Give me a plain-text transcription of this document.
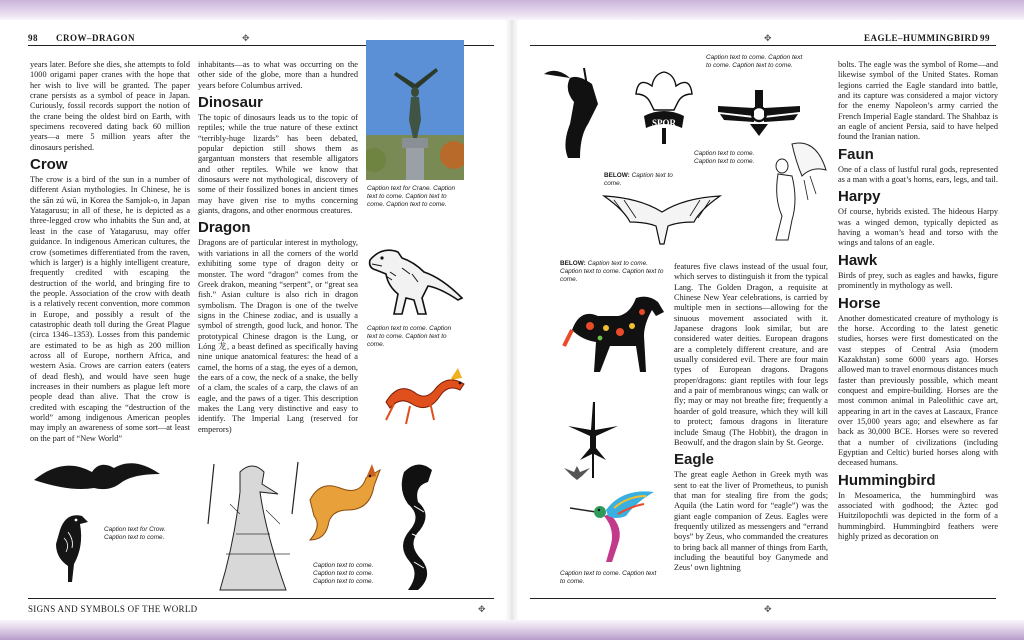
98 CROW–DRAGON	✥	✥	EAGLE–HUMMINGBIRD 99

years later. Before she dies, she attempts to fold 1000 origami paper cranes with the hope that her wish to live will be granted. The paper crane persists as a symbol of peace in Japan. Curiously, fossil records support the notion of the crane being the oldest bird on Earth, with specimens recovered dating back 60 million years—a mere 5 million years after the dinosaurs perished.

Crow

The crow is a bird of the sun in a number of different Asian mythologies. In Chinese, he is the sān zú wū, in Korea the Samjok-o, in Japan Yatagarusu; in all of these, he is depicted as a three-legged crow who inhabits the Sun and, at least in the case of Yatagarusu, may offer guidance. In indigenous American cultures, the crow (sometimes differentiated from the raven, which is larger) is a highly intelligent creature, frequently credited with escaping the destruction of the world, and bringing fire to the people. Association of the crow with death is a relatively recent convention, more common in Europe, and possibly a result of the catastrophic death toll during the Great Plague (circa 1346–1353). Losses from this pandemic are estimated to be as high as 200 million across all of Europe, northern Africa, and western Asia. Crows are carrion eaters (eaters of dead flesh), and would have seen huge increases in their numbers as plague left more people dead than alive. That the crow is credited with escaping the “destruction of the world” among indigenous American peoples may imply an awareness of some sort—at least on the part of “New World”

inhabitants—as to what was occurring on the other side of the globe, more than a hundred years before Columbus arrived.

Dinosaur

The topic of dinosaurs leads us to the topic of reptiles; while the true nature of these extinct “terribly-huge lizards” has been debated, popular depiction still shows them as gargantuan monsters that resemble alligators and other reptiles. While we know that dinosaurs were not mythological, discovery of some of their fossilized bones in ancient times may have given rise to myths concerning giants, dragons, and other enormous creatures.

Dragon

Dragons are of particular interest in mythology, with variations in all the corners of the world exhibiting some type of dragon deity or monster. The word “dragon” comes from the Greek drakon, meaning “serpent”, or “great sea fish.” Asian culture is also rich in dragon symbolism. The Dragon is one of the twelve signs in the Chinese zodiac, and is usually a symbol of strength, good luck, and honor. The prototypical Chinese dragon is the Lung, or Lóng 龙, a beast defined as specifically having nine unique anatomical features: the head of a camel, the horns of a stag, the eyes of a demon, the ears of a cow, the neck of a snake, the belly of a clam, the scales of a carp, the claws of an eagle, and the paws of a tiger. This description makes the Lang very distinctive and easy to identify. The Imperial Lang (reserved for emperors)

Caption text for Crane. Caption text to come. Caption text to come. Caption text to come.
Caption text to come. Caption text to come. Caption text to come.
Caption text for Crow. Caption text to come.
Caption text to come. Caption text to come. Caption text to come.
SIGNS AND SYMBOLS OF THE WORLD	✥
Caption text to come. Caption text to come. Caption text to come.
SPQR
BELOW: Caption text to come.
Caption text to come. Caption text to come.
BELOW: Caption text to come. Caption text to come. Caption text to come.
Caption text to come. Caption text to come.

features five claws instead of the usual four, which serves to distinguish it from the typical Lang. The Golden Dragon, a requisite at Chinese New Year celebrations, is carried by multiple men in sections—allowing for the sinuous movement associated with it. Japanese dragons look similar, but are considered water deities. European dragons are a completely different creature, and are usually considered evil. There are four main types of European dragons. Dragons proper/dragons: giant reptiles with four legs and a pair of membranous wings; can walk or fly; may or may not breathe fire; frequently a hoarder of gold treasure, which they will kill to protect; famous dragons in literature include Smaug (The Hobbit), the dragon in Beowulf, and the dragon slain by St. George.

Eagle

The great eagle Aethon in Greek myth was sent to eat the liver of Prometheus, to punish that man for stealing fire from the gods; Aquila (the Latin word for “eagle”) was the giant eagle companion of Zeus. Eagles were frequently utilized as messengers and “errand boys” by Zeus, who commanded the creatures to bring back all manner of things from Earth, including the beautiful boy Ganymede and Zeus’ own lightning

bolts. The eagle was the symbol of Rome—and likewise symbol of the United States. Roman legions carried the Eagle standard into battle, and its capture was considered a major victory for the enemy Napoleon’s army carried the French Imperial Eagle standard. The Shahbaz is an eagle of ancient Persia, said to have helped found the Iranian nation.

Faun

One of a class of lustful rural gods, represented as a man with a goat’s horns, ears, legs, and tail.

Harpy

Of course, hybrids existed. The hideous Harpy was a winged demon, typically depicted as having a woman’s head and torso with the wings and talons of an eagle.

Hawk

Birds of prey, such as eagles and hawks, figure prominently in mythology as well.

Horse

Another domesticated creature of mythology is the horse. According to the latest genetic studies, horses were first domesticated on the vast steppes of Central Asia (modern Kazakhstan) some 6000 years ago. Horses allowed man to travel enormous distances much faster than previously possible, which meant conquest and empire-building. Horses are the most common animal in Paleolithic cave art, appearing in art in the caves at Lascaux, France over 15,000 years ago; and elsewhere as far back as 30,000 BCE. Horses were so revered that a number of civilizations (including Egyptian and Celtic) buried horses along with deceased humans.

Hummingbird

In Mesoamerica, the hummingbird was associated with godhood; the Aztec god Huitzilopochtli was depicted in the form of a hummingbird. Hummingbird feathers were highly prized as decoration on

✥
